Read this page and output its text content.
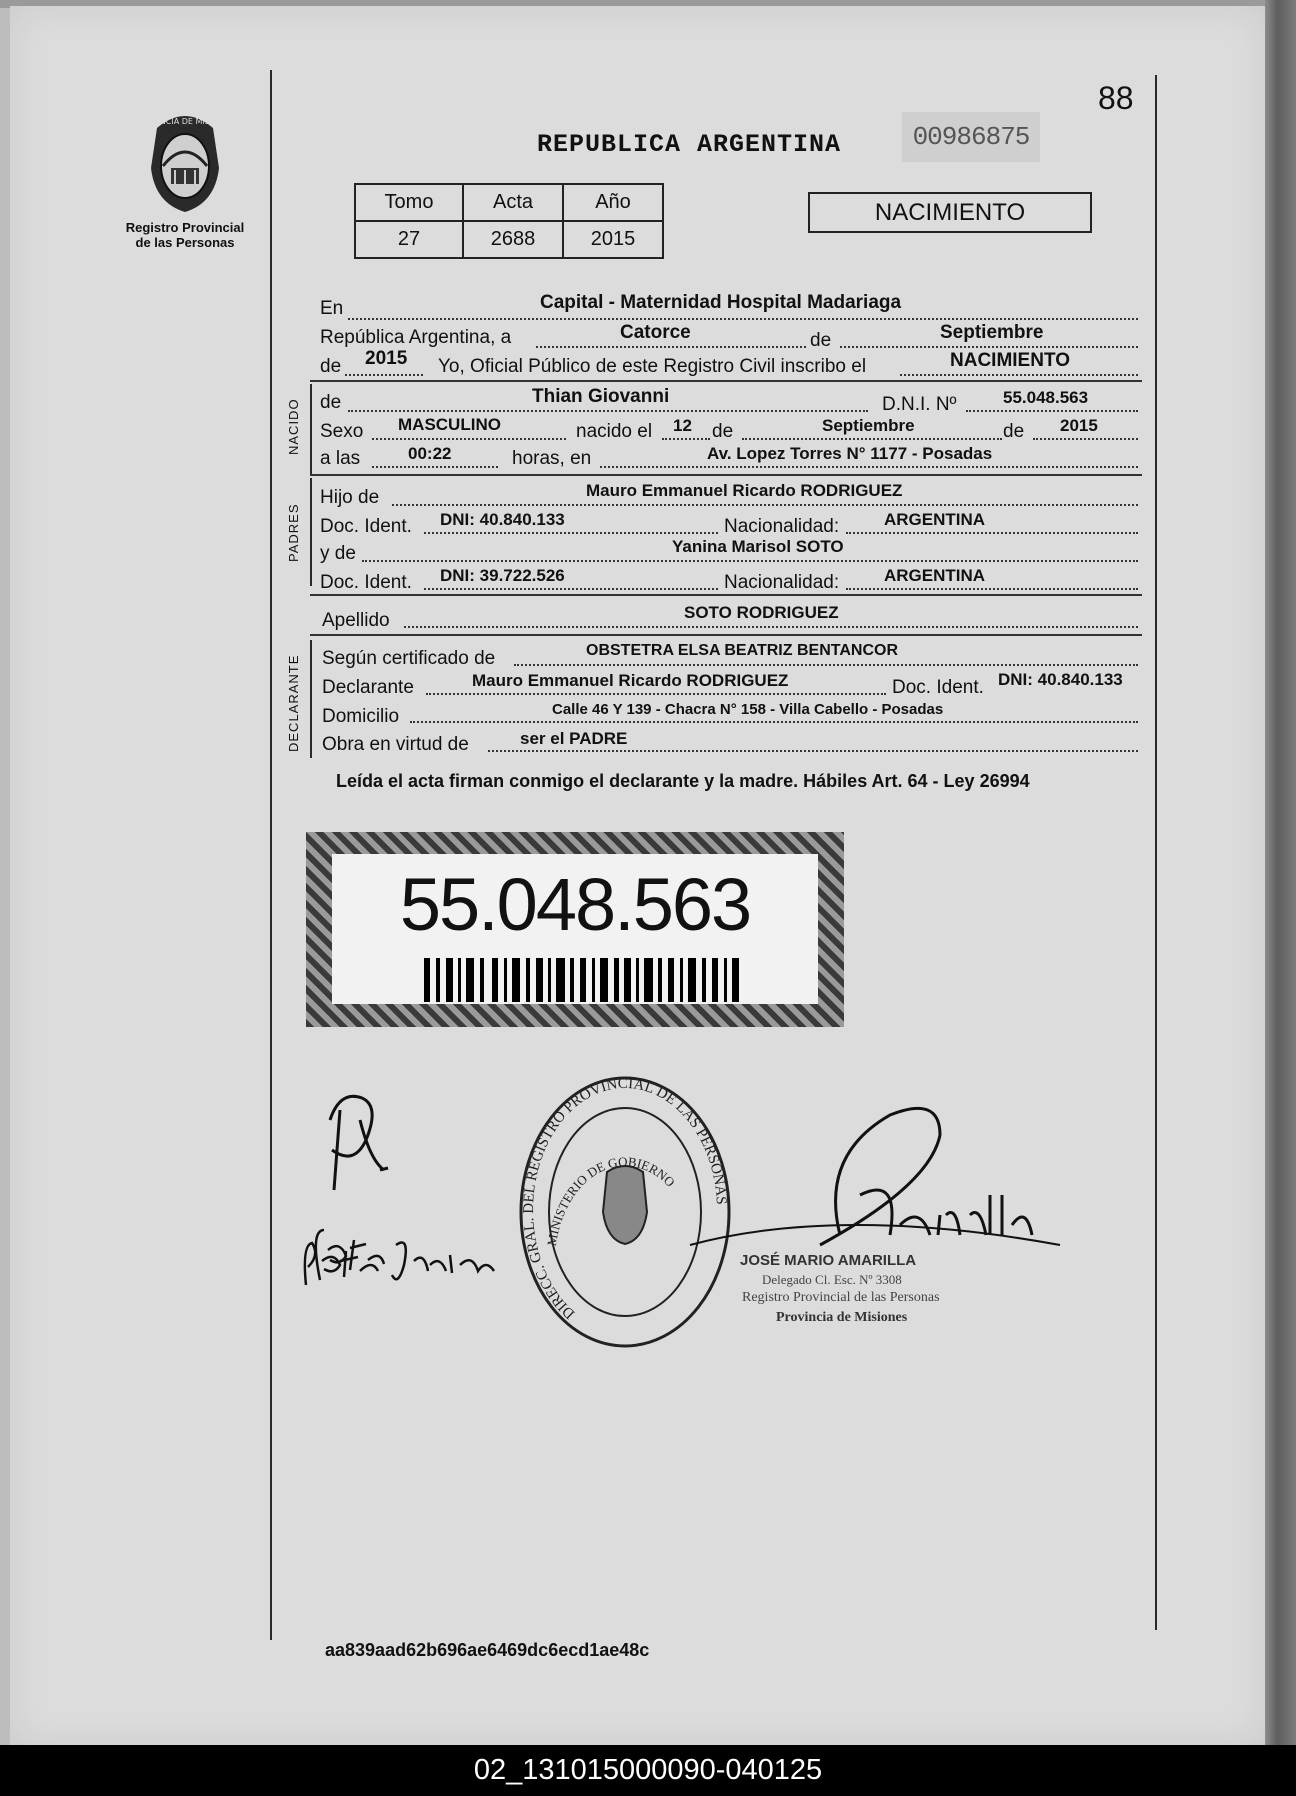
88
PROVINCIA DE MISIONES
Registro Provincial
de las Personas
REPUBLICA ARGENTINA	00986875
Tomo	Acta	Año
27	2688	2015
NACIMIENTO
En	Capital - Maternidad Hospital Madariaga
República Argentina, a	Catorce	de	Septiembre
de 2015 Yo, Oficial Público de este Registro Civil inscribo el	NACIMIENTO
NACIDO de	Thian Giovanni	D.N.I. Nº	55.048.563
Sexo MASCULINO	nacido el 12 de	Septiembre	de 2015
a las	00:22	horas, en	Av. Lopez Torres N° 1177 - Posadas
PADRES
Hijo de	Mauro Emmanuel Ricardo RODRIGUEZ
Doc. Ident. DNI: 40.840.133	Nacionalidad:	ARGENTINA
y de	Yanina Marisol SOTO
Doc. Ident. DNI: 39.722.526	Nacionalidad:	ARGENTINA
Apellido	SOTO RODRIGUEZ
DECLARANTE Según certificado de	OBSTETRA ELSA BEATRIZ BENTANCOR
Declarante	Mauro Emmanuel Ricardo RODRIGUEZ	Doc. Ident. DNI: 40.840.133
Domicilio	Calle 46 Y 139 - Chacra N° 158 - Villa Cabello - Posadas
Obra en virtud de	ser el PADRE
Leída el acta firman conmigo el declarante y la madre. Hábiles Art. 64 - Ley 26994
55.048.563
DIRECC. GRAL. DEL REGISTRO PROVINCIAL DE LAS PERSONAS
MINISTERIO DE GOBIERNO
JOSÉ MARIO AMARILLA
Delegado Cl. Esc. Nº 3308
Registro Provincial de las Personas
Provincia de Misiones
aa839aad62b696ae6469dc6ecd1ae48c
02_131015000090-040125
